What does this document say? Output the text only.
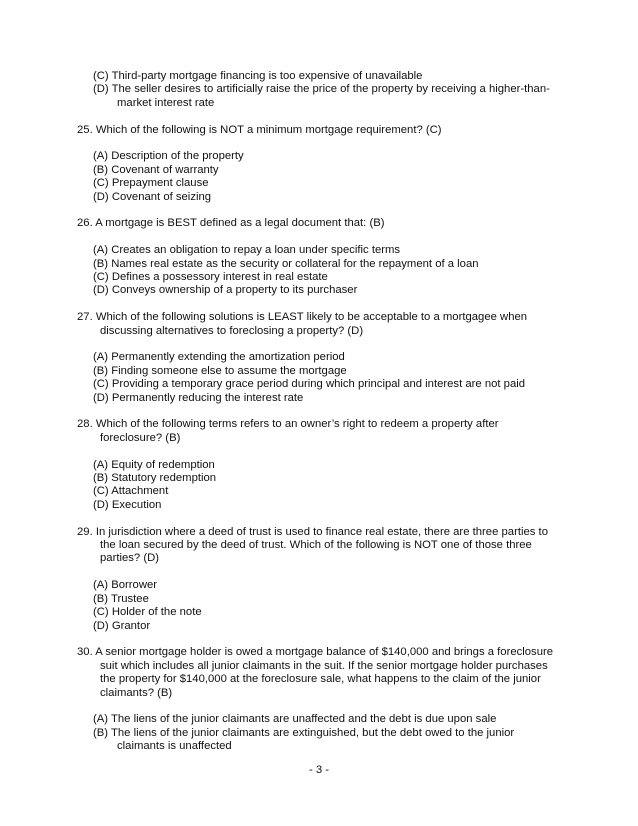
(C) Third-party mortgage financing is too expensive of unavailable
(D) The seller desires to artificially raise the price of the property by receiving a higher-than-
market interest rate
25. Which of the following is NOT a minimum mortgage requirement? (C)
(A) Description of the property
(B) Covenant of warranty
(C) Prepayment clause
(D) Covenant of seizing
26. A mortgage is BEST defined as a legal document that: (B)
(A) Creates an obligation to repay a loan under specific terms
(B) Names real estate as the security or collateral for the repayment of a loan
(C) Defines a possessory interest in real estate
(D) Conveys ownership of a property to its purchaser
27. Which of the following solutions is LEAST likely to be acceptable to a mortgagee when
discussing alternatives to foreclosing a property? (D)
(A) Permanently extending the amortization period
(B) Finding someone else to assume the mortgage
(C) Providing a temporary grace period during which principal and interest are not paid
(D) Permanently reducing the interest rate
28. Which of the following terms refers to an owner’s right to redeem a property after
foreclosure? (B)
(A) Equity of redemption
(B) Statutory redemption
(C) Attachment
(D) Execution
29. In jurisdiction where a deed of trust is used to finance real estate, there are three parties to
the loan secured by the deed of trust. Which of the following is NOT one of those three
parties? (D)
(A) Borrower
(B) Trustee
(C) Holder of the note
(D) Grantor
30. A senior mortgage holder is owed a mortgage balance of $140,000 and brings a foreclosure
suit which includes all junior claimants in the suit. If the senior mortgage holder purchases
the property for $140,000 at the foreclosure sale, what happens to the claim of the junior
claimants? (B)
(A) The liens of the junior claimants are unaffected and the debt is due upon sale
(B) The liens of the junior claimants are extinguished, but the debt owed to the junior
claimants is unaffected
- 3 -
